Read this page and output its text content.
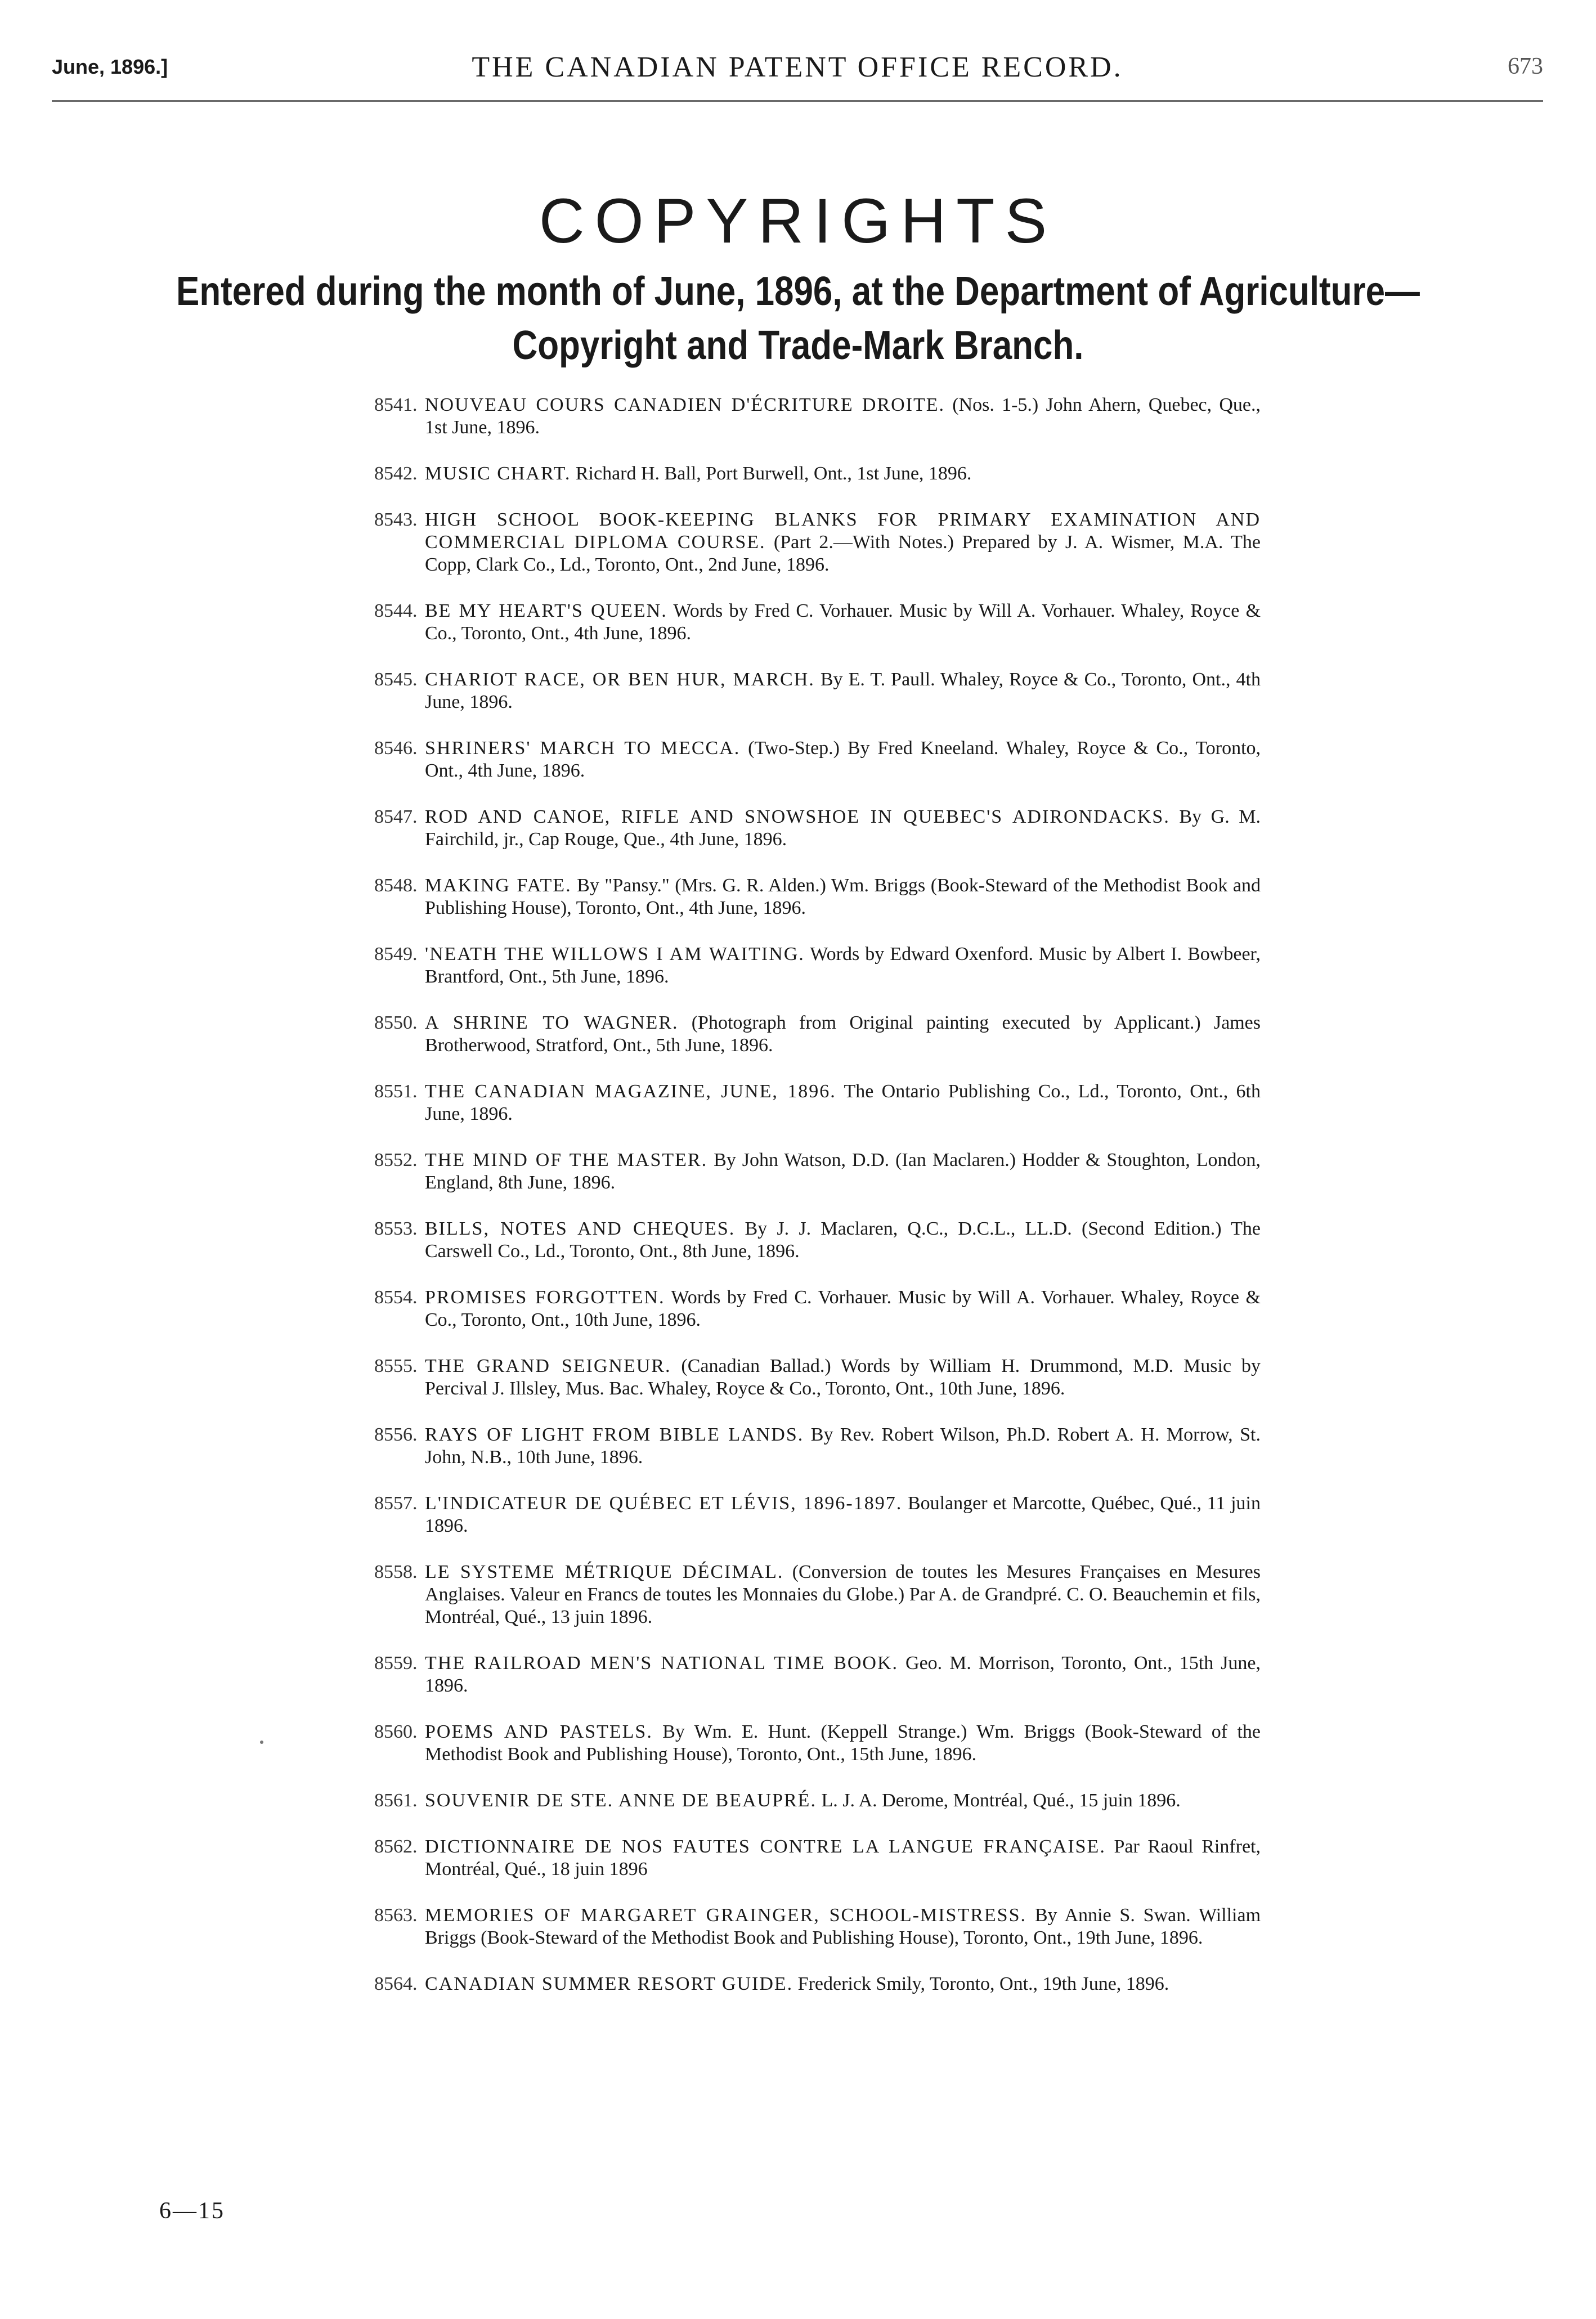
June, 1896.]	THE CANADIAN PATENT OFFICE RECORD.	673
COPYRIGHTS
Entered during the month of June, 1896, at the Department of Agriculture—
Copyright and Trade-Mark Branch.
8541. NOUVEAU COURS CANADIEN D'ÉCRITURE DROITE. (Nos. 1-5.) John Ahern, Quebec, Que., 1st June, 1896.
8542. MUSIC CHART. Richard H. Ball, Port Burwell, Ont., 1st June, 1896.
8543. HIGH SCHOOL BOOK-KEEPING BLANKS FOR PRIMARY EXAMINATION AND COMMERCIAL DIPLOMA COURSE. (Part 2.—With Notes.) Prepared by J. A. Wismer, M.A. The Copp, Clark Co., Ld., Toronto, Ont., 2nd June, 1896.
8544. BE MY HEART'S QUEEN. Words by Fred C. Vorhauer. Music by Will A. Vorhauer. Whaley, Royce & Co., Toronto, Ont., 4th June, 1896.
8545. CHARIOT RACE, OR BEN HUR, MARCH. By E. T. Paull. Whaley, Royce & Co., Toronto, Ont., 4th June, 1896.
8546. SHRINERS' MARCH TO MECCA. (Two-Step.) By Fred Kneeland. Whaley, Royce & Co., Toronto, Ont., 4th June, 1896.
8547. ROD AND CANOE, RIFLE AND SNOWSHOE IN QUEBEC'S ADIRONDACKS. By G. M. Fairchild, jr., Cap Rouge, Que., 4th June, 1896.
8548. MAKING FATE. By "Pansy." (Mrs. G. R. Alden.) Wm. Briggs (Book-Steward of the Methodist Book and Publishing House), Toronto, Ont., 4th June, 1896.
8549. 'NEATH THE WILLOWS I AM WAITING. Words by Edward Oxenford. Music by Albert I. Bowbeer, Brantford, Ont., 5th June, 1896.
8550. A SHRINE TO WAGNER. (Photograph from Original painting executed by Applicant.) James Brotherwood, Stratford, Ont., 5th June, 1896.
8551. THE CANADIAN MAGAZINE, JUNE, 1896. The Ontario Publishing Co., Ld., Toronto, Ont., 6th June, 1896.
8552. THE MIND OF THE MASTER. By John Watson, D.D. (Ian Maclaren.) Hodder & Stoughton, London, England, 8th June, 1896.
8553. BILLS, NOTES AND CHEQUES. By J. J. Maclaren, Q.C., D.C.L., LL.D. (Second Edition.) The Carswell Co., Ld., Toronto, Ont., 8th June, 1896.
8554. PROMISES FORGOTTEN. Words by Fred C. Vorhauer. Music by Will A. Vorhauer. Whaley, Royce & Co., Toronto, Ont., 10th June, 1896.
8555. THE GRAND SEIGNEUR. (Canadian Ballad.) Words by William H. Drummond, M.D. Music by Percival J. Illsley, Mus. Bac. Whaley, Royce & Co., Toronto, Ont., 10th June, 1896.
8556. RAYS OF LIGHT FROM BIBLE LANDS. By Rev. Robert Wilson, Ph.D. Robert A. H. Morrow, St. John, N.B., 10th June, 1896.
8557. L'INDICATEUR DE QUÉBEC ET LÉVIS, 1896-1897. Boulanger et Marcotte, Québec, Qué., 11 juin 1896.
8558. LE SYSTEME MÉTRIQUE DÉCIMAL. (Conversion de toutes les Mesures Françaises en Mesures Anglaises. Valeur en Francs de toutes les Monnaies du Globe.) Par A. de Grandpré. C. O. Beauchemin et fils, Montréal, Qué., 13 juin 1896.
8559. THE RAILROAD MEN'S NATIONAL TIME BOOK. Geo. M. Morrison, Toronto, Ont., 15th June, 1896.
8560. POEMS AND PASTELS. By Wm. E. Hunt. (Keppell Strange.) Wm. Briggs (Book-Steward of the Methodist Book and Publishing House), Toronto, Ont., 15th June, 1896.
8561. SOUVENIR DE STE. ANNE DE BEAUPRÉ. L. J. A. Derome, Montréal, Qué., 15 juin 1896.
8562. DICTIONNAIRE DE NOS FAUTES CONTRE LA LANGUE FRANÇAISE. Par Raoul Rinfret, Montréal, Qué., 18 juin 1896
8563. MEMORIES OF MARGARET GRAINGER, SCHOOL-MISTRESS. By Annie S. Swan. William Briggs (Book-Steward of the Methodist Book and Publishing House), Toronto, Ont., 19th June, 1896.
8564. CANADIAN SUMMER RESORT GUIDE. Frederick Smily, Toronto, Ont., 19th June, 1896.
6—15
